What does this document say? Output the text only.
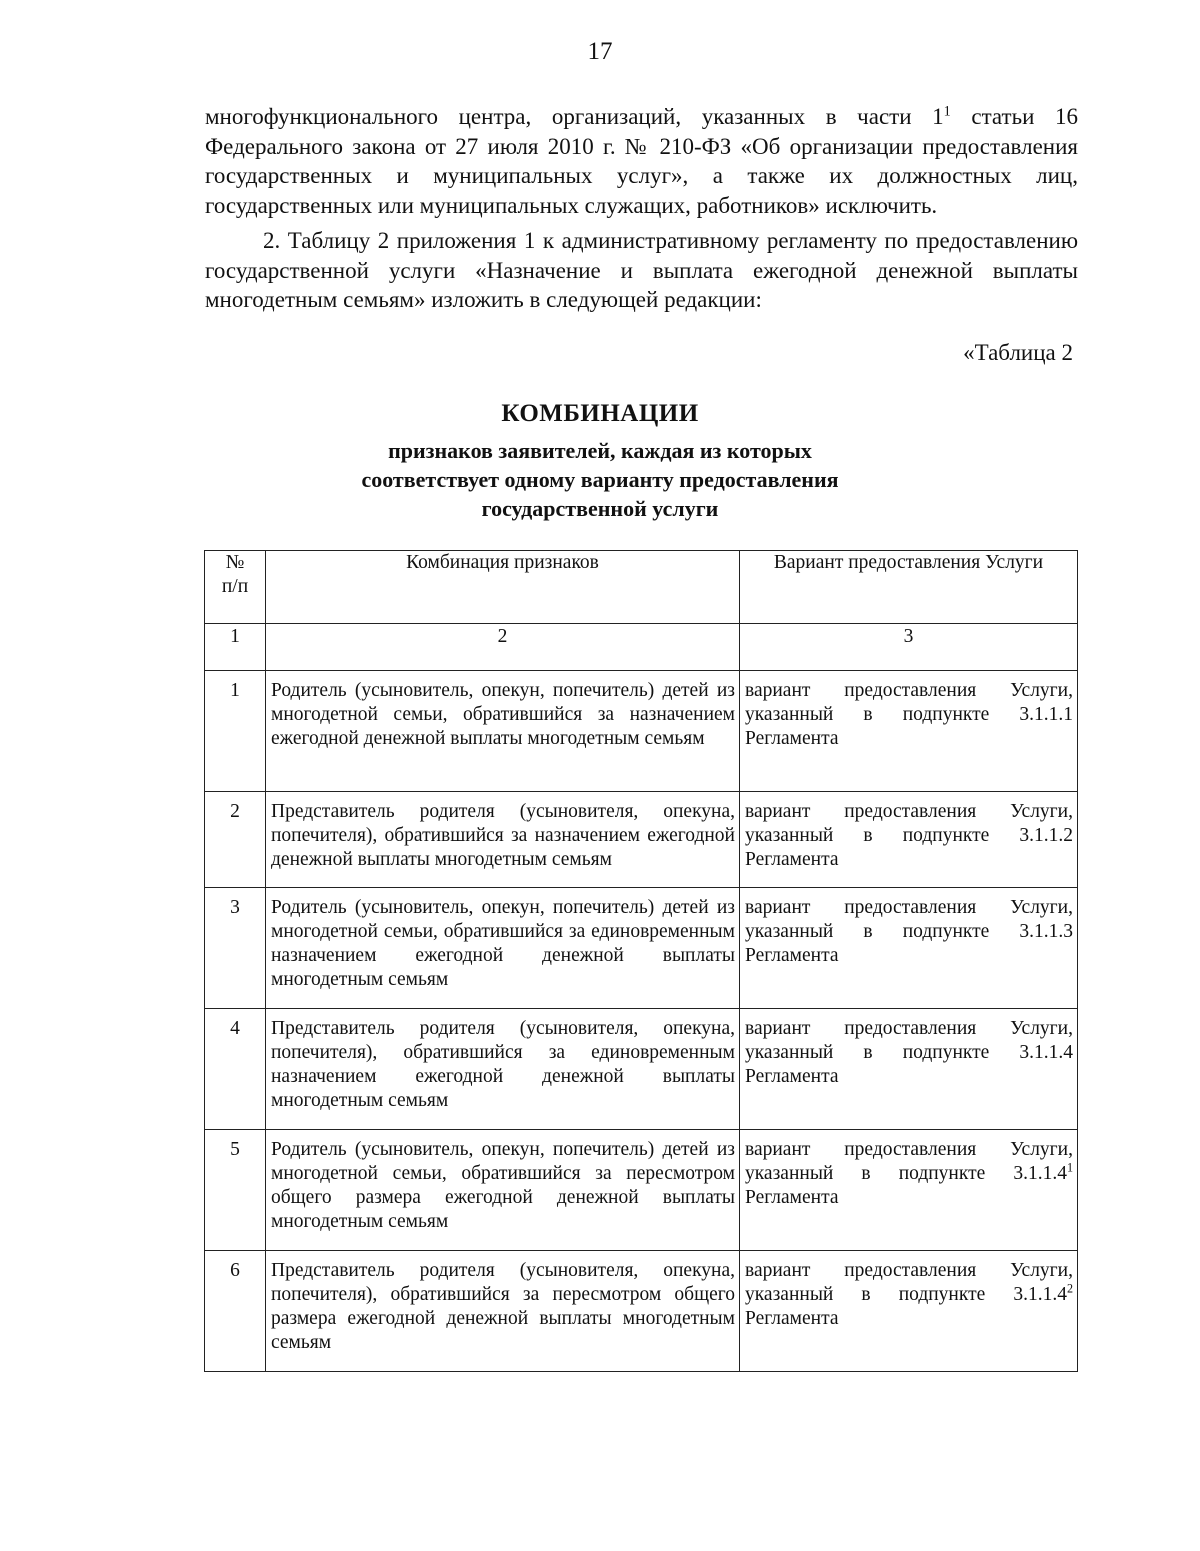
17

многофункционального центра, организаций, указанных в части $1^1$ статьи 16 Федерального закона от 27 июля 2010 г. № 210-ФЗ «Об организации предоставления государственных и муниципальных услуг», а также их должностных лиц, государственных или муниципальных служащих, работников» исключить.

2. Таблицу 2 приложения 1 к административному регламенту по предоставлению государственной услуги «Назначение и выплата ежегодной денежной выплаты многодетным семьям» изложить в следующей редакции:

«Таблица 2
КОМБИНАЦИИ
признаков заявителей, каждая из которых
соответствует одному варианту предоставления
государственной услуги
№
п/п	Комбинация признаков	Вариант предоставления Услуги
1	2	3
1	Родитель (усыновитель, опекун, попечитель) детей из многодетной семьи, обратившийся за назначением ежегодной денежной выплаты многодетным семьям	вариант предоставления Услуги, указанный в подпункте 3.1.1.1 Регламента
2	Представитель родителя (усыновителя, опекуна, попечителя), обратившийся за назначением ежегодной денежной выплаты многодетным семьям	вариант предоставления Услуги, указанный в подпункте 3.1.1.2 Регламента
3	Родитель (усыновитель, опекун, попечитель) детей из многодетной семьи, обратившийся за единовременным назначением ежегодной денежной выплаты многодетным семьям	вариант предоставления Услуги, указанный в подпункте 3.1.1.3 Регламента
4	Представитель родителя (усыновителя, опекуна, попечителя), обратившийся за единовременным назначением ежегодной денежной выплаты многодетным семьям	вариант предоставления Услуги, указанный в подпункте 3.1.1.4 Регламента
5	Родитель (усыновитель, опекун, попечитель) детей из многодетной семьи, обратившийся за пересмотром общего размера ежегодной денежной выплаты многодетным семьям	вариант предоставления Услуги, указанный в подпункте 3.1.1.4$^1$ Регламента
6	Представитель родителя (усыновителя, опекуна, попечителя), обратившийся за пересмотром общего размера ежегодной денежной выплаты многодетным семьям	вариант предоставления Услуги, указанный в подпункте 3.1.1.4$^2$ Регламента
